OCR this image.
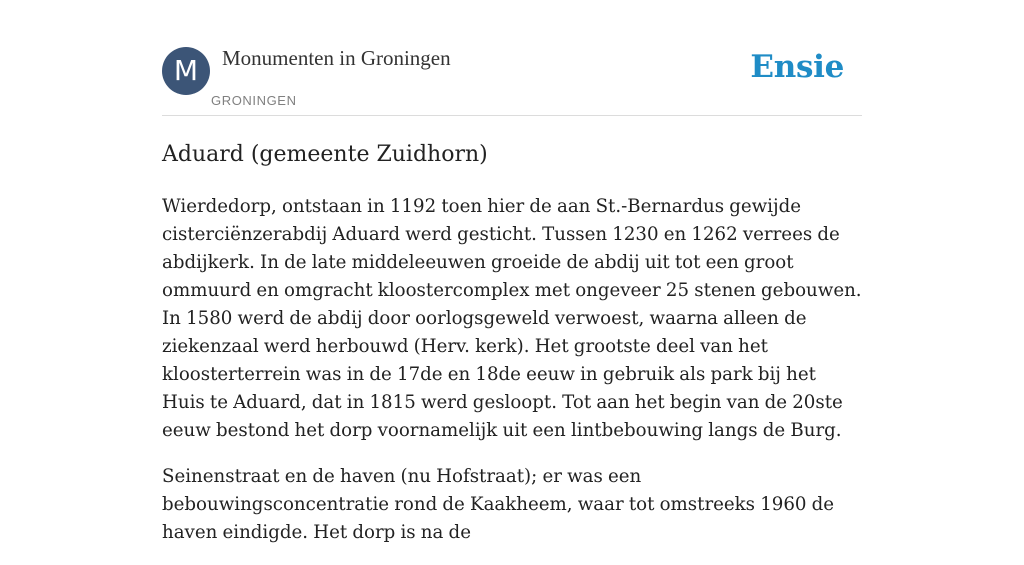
M	Monumenten in Groningen
GRONINGEN
Ensie
Aduard (gemeente Zuidhorn)

Wierdedorp, ontstaan in 1192 toen hier de aan St.-Bernardus gewijde cisterciënzerabdij Aduard werd gesticht. Tussen 1230 en 1262 verrees de abdijkerk. In de late middeleeuwen groeide de abdij uit tot een groot ommuurd en omgracht kloostercomplex met ongeveer 25 stenen gebouwen. In 1580 werd de abdij door oorlogsgeweld verwoest, waarna alleen de ziekenzaal werd herbouwd (Herv. kerk). Het grootste deel van het kloosterterrein was in de 17de en 18de eeuw in gebruik als park bij het Huis te Aduard, dat in 1815 werd gesloopt. Tot aan het begin van de 20ste eeuw bestond het dorp voornamelijk uit een lintbebouwing langs de Burg.

Seinenstraat en de haven (nu Hofstraat); er was een bebouwingsconcentratie rond de Kaakheem, waar tot omstreeks 1960 de haven eindigde. Het dorp is na de
